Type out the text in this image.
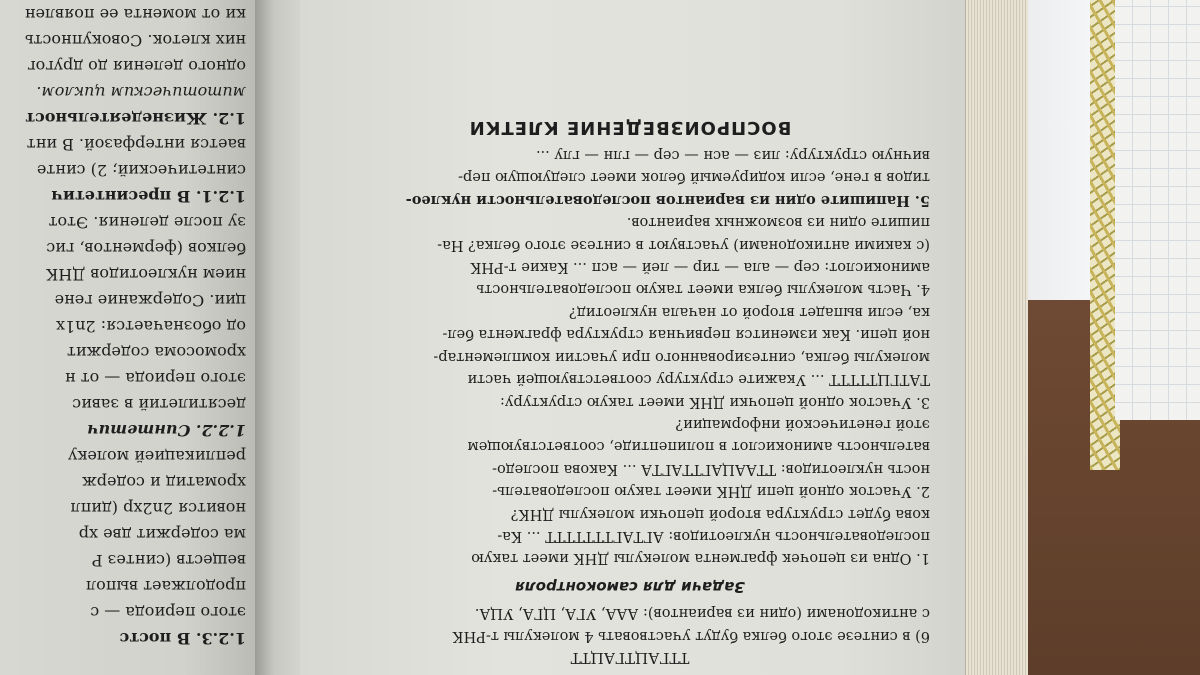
1.2.3. В постс
этого периода — с
продолжает выпол
веществ (синтез Р
ма содержит две хр
новится 2n2хр (дипл
хроматид и содерж
репликацией молеку
1.2.2. Синтетич
десятилетий в завис
этого периода — от н
хромосома содержит
од обозначается: 2n1х
ции. Содержание гене
нием нуклеотидов ДНК
белков (ферментов, гис
зу после деления. Этот
1.2.1. В пресинтетич
синтетический; 2) синте
вается интерфазой. В инт
1.2. Жизнедеятельност
митотическим циклом.
одного деления до другог
них клеток. Совокупность
ки от момента ее появлен
ТТГАЦТГАЦТТ
6) в синтезе этого белка будут участвовать 4 молекулы т-РНК
с антикодонами (один из вариантов): ААА, УГА, ЦГА, УЦА.
Задачи для самоконтроля
1. Одна из цепочек фрагмента молекулы ДНК имеет такую
последовательность нуклеотидов: АГТАГТТТТТТТ ... Ка-
кова будет структура второй цепочки молекулы ДНК?
2. Участок одной цепи ДНК имеет такую последователь-
ность нуклеотидов: ТТААЦАГТТАГТА ... Какова последо-
вательность аминокислот в полипептиде, соответствующем
этой генетической информации?
3. Участок одной цепочки ДНК имеет такую структуру:
ТАТГЦТТТТТ ... Укажите структуру соответствующей части
молекулы белка, синтезированного при участии комплементар-
ной цепи. Как изменится первичная структура фрагмента бел-
ка, если выпадет второй от начала нуклеотид?
4. Часть молекулы белка имеет такую последовательность
аминокислот: сер — ала — тир — лей — асп ... Какие т-РНК
(с какими антикодонами) участвуют в синтезе этого белка? На-
пишите один из возможных вариантов.
5. Напишите один из вариантов последовательности нуклео-
тидов в гене, если кодируемый белок имеет следующую пер-
вичную структуру: лиз — асн — сер — глн — глу ...
ВОСПРОИЗВЕДЕНИЕ КЛЕТКИ
